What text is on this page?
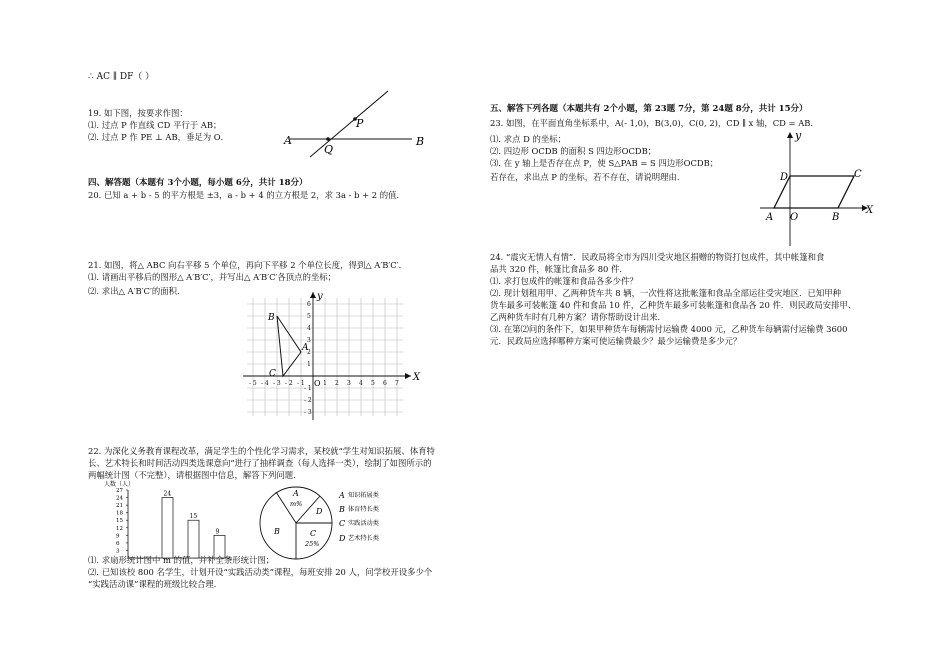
∴ AC ∥ DF（ ）
19. 如下图，按要求作图：
⑴. 过点 P 作直线 CD 平行于 AB；
⑵. 过点 P 作 PE ⊥ AB，垂足为 O．	A	B
P
Q
四、解答题（本题有 3个小题，每小题 6分，共计 18分）
20. 已知 a + b - 5 的平方根是 ±3，a - b + 4 的立方根是 2，求 3a - b + 2 的值．
21. 如图，将△ ABC 向右平移 5 个单位，再向下平移 2 个单位长度，得到△ A′B′C′．
⑴. 请画出平移后的图形△ A′B′C′，并写出△ A′B′C′各顶点的坐标；
⑵. 求出△ A′B′C′的面积．
X
y
O
- 5 - 4 - 3 - 2 - 1	1 2 3 4 5 6 7
6
5
4
3
2
1
- 1
- 2
- 3
B
A
C
22. 为深化义务教育课程改革，满足学生的个性化学习需求，某校就“学生对知识拓展、体育特
长、艺术特长和时间活动四类选课意向”进行了抽样调查（每人选择一类），绘制了如图所示的
两幅统计图（不完整），请根据图中信息，解答下列问题．
人数（人）
27
24
21
18
15
12
9
6
3
24
15
9
A
m%
B	C
25%
D
A 知识拓展类
B 体育特长类
C 实践活动类
D 艺术特长类
⑴. 求扇形统计图中 m 的值，并补全条形统计图；
⑵. 已知该校 800 名学生，计划开设“实践活动类”课程，每班安排 20 人，问学校开设多少个
“实践活动课”课程的班级比较合理．
五、解答下列各题（本题共有 2个小题，第 23题 7分，第 24题 8分，共计 15分）
23. 如图，在平面直角坐标系中，A(- 1,0)，B(3,0)，C(0, 2)，CD ∥ x 轴，CD = AB．
⑴. 求点 D 的坐标；
⑵. 四边形 OCDB 的面积 S 四边形OCDB；
⑶. 在 y 轴上是否存在点 P，使 S△PAB = S 四边形OCDB；
若存在，求出点 P 的坐标，若不存在，请说明理由．
y
X
C
D
A O	B
24. “震灾无情人有情”．民政局将全市为四川受灾地区捐赠的物资打包成件，其中帐篷和食
品共 320 件，帐篷比食品多 80 件．
⑴. 求打包成件的帐篷和食品各多少件？
⑵. 现计划租用甲、乙两种货车共 8 辆，一次性将这批帐篷和食品全部运往受灾地区．已知甲种
货车最多可装帐篷 40 件和食品 10 件，乙种货车最多可装帐篷和食品各 20 件．则民政局安排甲、
乙两种货车时有几种方案？请你帮助设计出来．
⑶. 在第⑵问的条件下，如果甲种货车每辆需付运输费 4000 元，乙种货车每辆需付运输费 3600
元．民政局应选择哪种方案可使运输费最少？最少运输费是多少元？
